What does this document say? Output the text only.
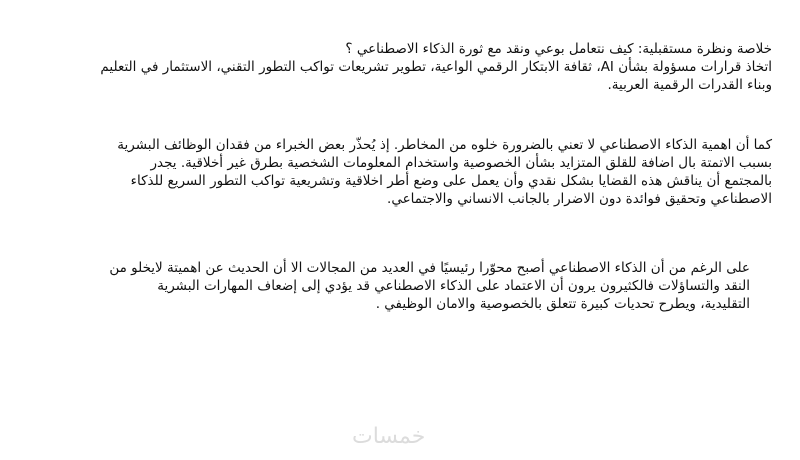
خلاصة ونظرة مستقبلية: كيف نتعامل بوعي ونقد مع ثورة الذكاء الاصطناعي ؟
اتخاذ قرارات مسؤولة بشأن AI، ثقافة الابتكار الرقمي الواعية، تطوير تشريعات تواكب التطور التقني، الاستثمار في التعليم
وبناء القدرات الرقمية العربية.
كما أن اهمية الذكاء الاصطناعي لا تعني بالضرورة خلوه من المخاطر. إذ يُحذّر بعض الخبراء من فقدان الوظائف البشرية
بسبب الاتمتة بال اضافة للقلق المتزايد بشأن الخصوصية واستخدام المعلومات الشخصية بطرق غير أخلاقية. يجدر
بالمجتمع أن يناقش هذه القضايا بشكل نقدي وأن يعمل على وضع أطر اخلاقية وتشريعية تواكب التطور السريع للذكاء
الاصطناعي وتحقيق فوائدة دون الاضرار بالجانب الانساني والاجتماعي.
على الرغم من أن الذكاء الاصطناعي أصبح محوّرا رئيسيًا في العديد من المجالات الا أن الحديث عن اهميتة لايخلو من
النقد والتساؤلات فالكثيرون يرون أن الاعتماد على الذكاء الاصطناعي قد يؤدي إلى إضعاف المهارات البشرية
التقليدية، ويطرح تحديات كبيرة تتعلق بالخصوصية والامان الوظيفي .
خمسات
